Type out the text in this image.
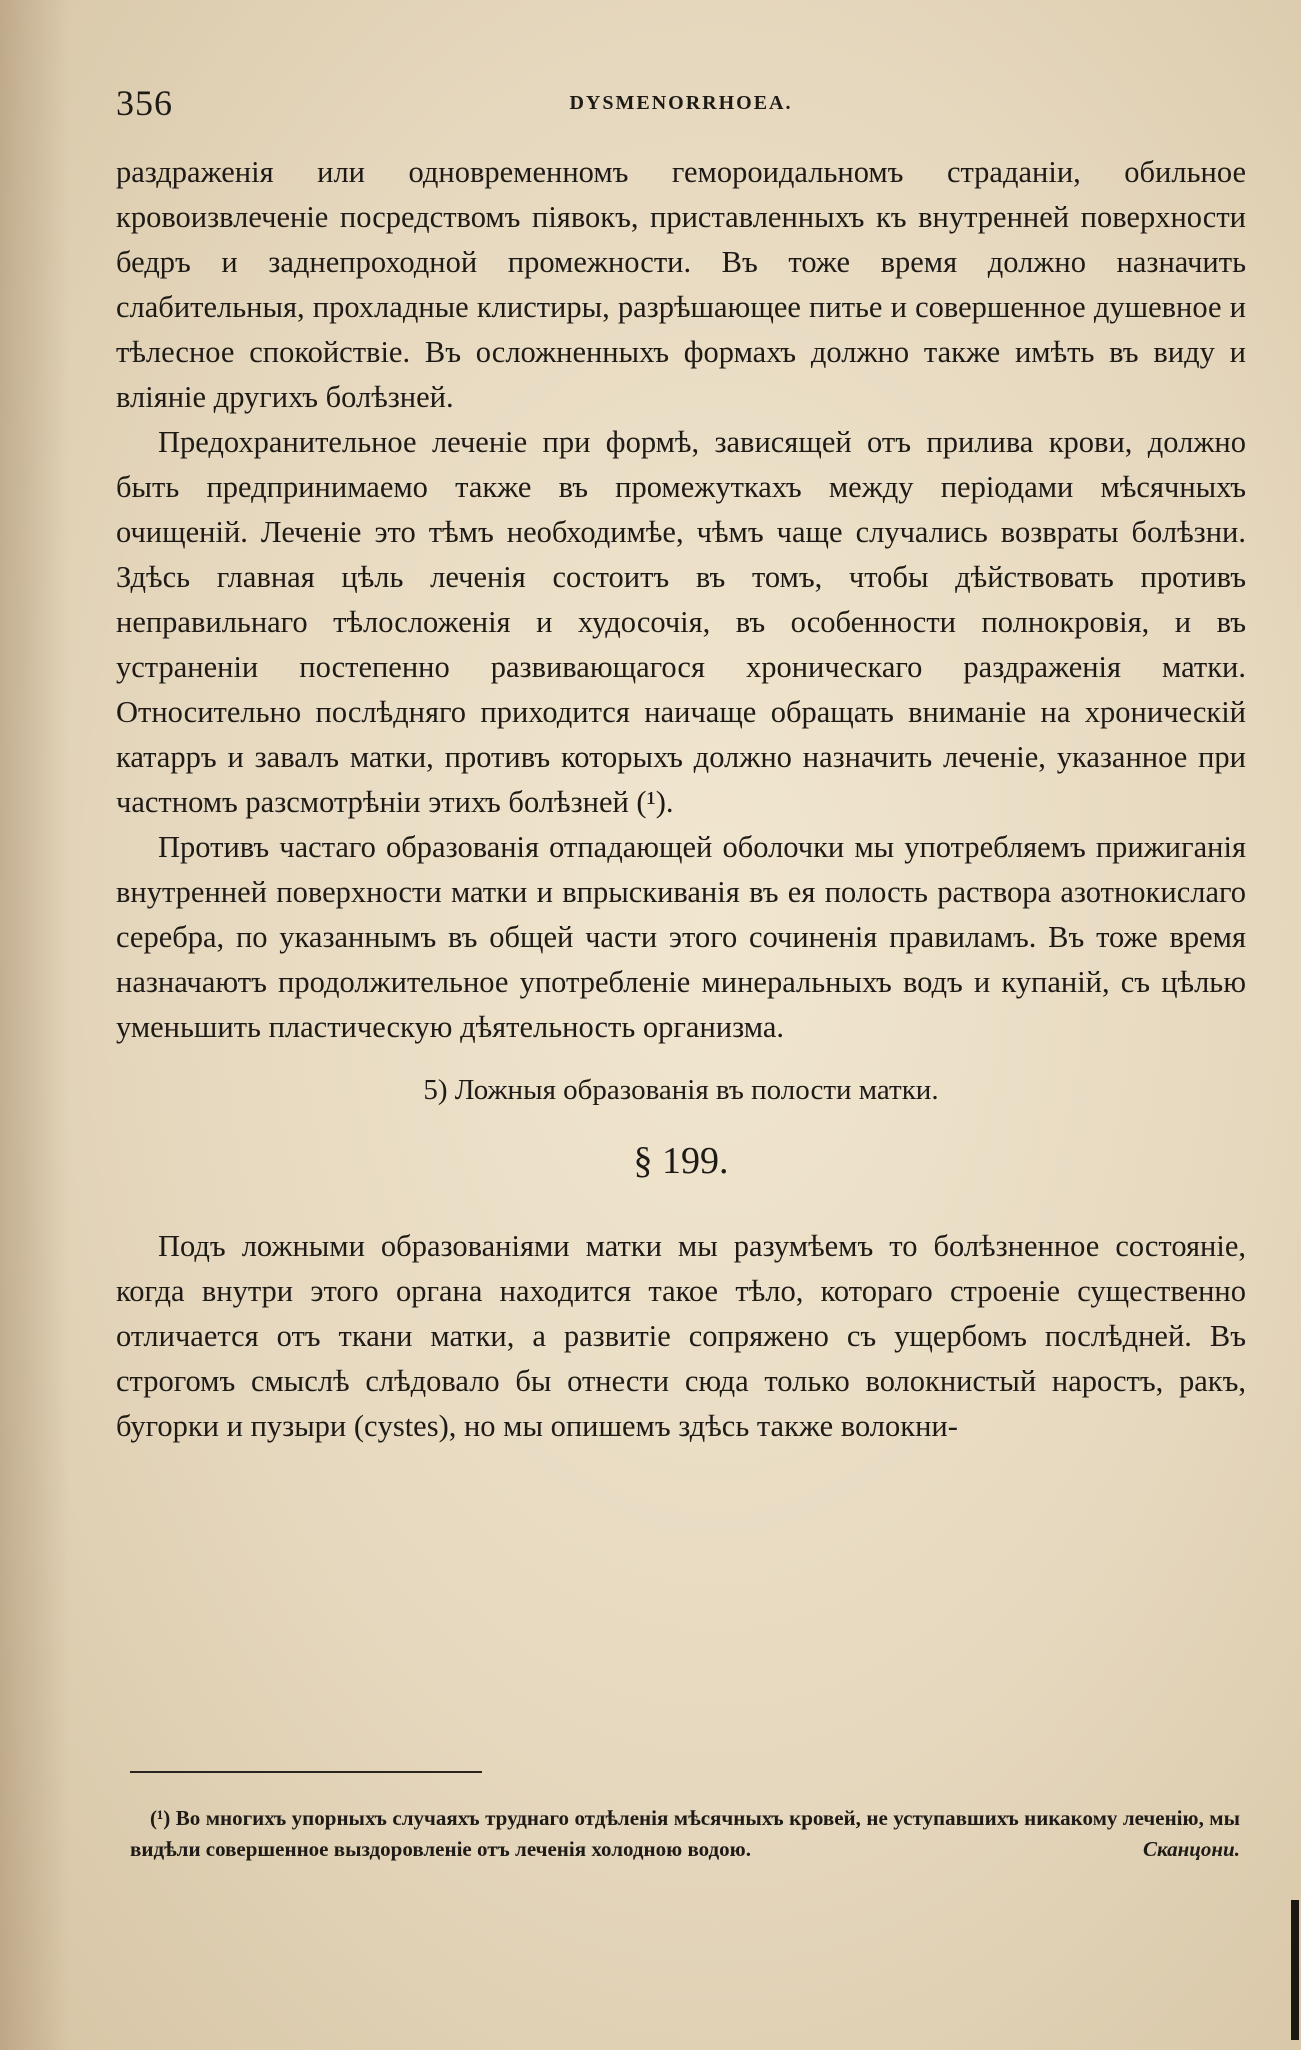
356	DYSMENORRHOEA.

раздраженія или одновременномъ гемороидальномъ страданіи, обильное кровоизвлеченіе посредствомъ піявокъ, приставленныхъ къ внутренней поверхности бедръ и заднепроходной промежности. Въ тоже время должно назначить слабительныя, прохладные клистиры, разрѣшающее питье и совершенное душевное и тѣлесное спокойствіе. Въ осложненныхъ формахъ должно также имѣть въ виду и вліяніе другихъ болѣзней.

Предохранительное леченіе при формѣ, зависящей отъ прилива крови, должно быть предпринимаемо также въ промежуткахъ между періодами мѣсячныхъ очищеній. Леченіе это тѣмъ необходимѣе, чѣмъ чаще случались возвраты болѣзни. Здѣсь главная цѣль леченія состоитъ въ томъ, чтобы дѣйствовать противъ неправильнаго тѣлосложенія и худосочія, въ особенности полнокровія, и въ устраненіи постепенно развивающагося хроническаго раздраженія матки. Относительно послѣдняго приходится наичаще обращать вниманіе на хроническій катарръ и завалъ матки, противъ которыхъ должно назначить леченіе, указанное при частномъ разсмотрѣніи этихъ болѣзней (¹).

Противъ частаго образованія отпадающей оболочки мы употребляемъ прижиганія внутренней поверхности матки и впрыскиванія въ ея полость раствора азотнокислаго серебра, по указаннымъ въ общей части этого сочиненія правиламъ. Въ тоже время назначаютъ продолжительное употребленіе минеральныхъ водъ и купаній, съ цѣлью уменьшить пластическую дѣятельность организма.

5) Ложныя образованія въ полости матки.
§ 199.

Подъ ложными образованіями матки мы разумѣемъ то болѣзненное состояніе, когда внутри этого органа находится такое тѣло, котораго строеніе существенно отличается отъ ткани матки, а развитіе сопряжено съ ущербомъ послѣдней. Въ строгомъ смыслѣ слѣдовало бы отнести сюда только волокнистый наростъ, ракъ, бугорки и пузыри (cystes), но мы опишемъ здѣсь также волокни-

(¹) Во многихъ упорныхъ случаяхъ труднаго отдѣленія мѣсячныхъ кровей, не уступавшихъ никакому леченію, мы видѣли совершенное выздоровленіе отъ леченія холодною водою.	Сканцони.
